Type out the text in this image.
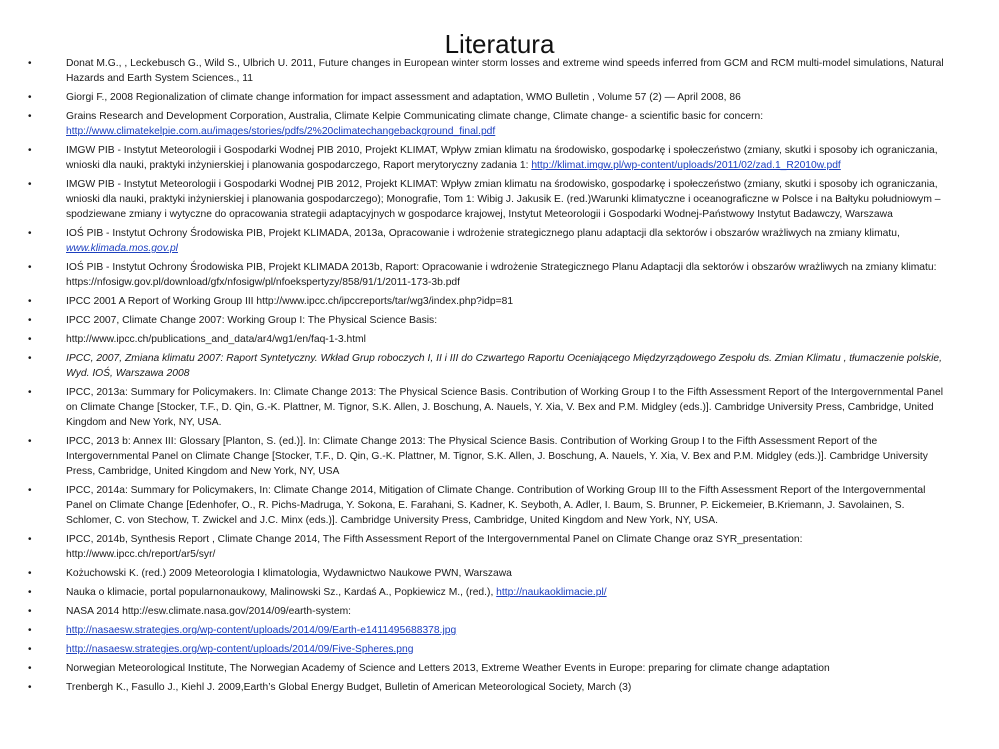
Literatura
•	Donat M.G., , Leckebusch G., Wild S., Ulbrich U. 2011, Future changes in European winter storm losses and extreme wind speeds inferred from GCM and RCM multi-model simulations, Natural Hazards and Earth System Sciences., 11
•	Giorgi F., 2008 Regionalization of climate change information for impact assessment and adaptation, WMO Bulletin , Volume 57 (2) — April 2008, 86
•	Grains Research and Development Corporation, Australia, Climate Kelpie Communicating climate change, Climate change- a scientific basic for concern: http://www.climatekelpie.com.au/images/stories/pdfs/2%20climatechangebackground_final.pdf
•	IMGW PIB - Instytut Meteorologii i Gospodarki Wodnej PIB 2010, Projekt KLIMAT, Wpływ zmian klimatu na środowisko, gospodarkę i społeczeństwo (zmiany, skutki i sposoby ich ograniczania, wnioski dla nauki, praktyki inżynierskiej i planowania gospodarczego, Raport merytoryczny zadania 1: http://klimat.imgw.pl/wp-content/uploads/2011/02/zad.1_R2010w.pdf
•	IMGW PIB - Instytut Meteorologii i Gospodarki Wodnej PIB 2012, Projekt KLIMAT: Wpływ zmian klimatu na środowisko, gospodarkę i społeczeństwo (zmiany, skutki i sposoby ich ograniczania, wnioski dla nauki, praktyki inżynierskiej i planowania gospodarczego); Monografie, Tom 1: Wibig J. Jakusik E. (red.)Warunki klimatyczne i oceanograficzne w Polsce i na Bałtyku południowym – spodziewane zmiany i wytyczne do opracowania strategii adaptacyjnych w gospodarce krajowej, Instytut Meteorologii i Gospodarki Wodnej-Państwowy Instytut Badawczy, Warszawa
•	IOŚ PIB - Instytut Ochrony Środowiska PIB, Projekt KLIMADA, 2013a, Opracowanie i wdrożenie strategicznego planu adaptacji dla sektorów i obszarów wrażliwych na zmiany klimatu, www.klimada.mos.gov.pl
•	IOŚ PIB - Instytut Ochrony Środowiska PIB, Projekt KLIMADA 2013b, Raport: Opracowanie i wdrożenie Strategicznego Planu Adaptacji dla sektorów i obszarów wrażliwych na zmiany klimatu: https://nfosigw.gov.pl/download/gfx/nfosigw/pl/nfoekspertyzy/858/91/1/2011-173-3b.pdf
•	IPCC 2001 A Report of Working Group III http://www.ipcc.ch/ipccreports/tar/wg3/index.php?idp=81
•	IPCC 2007, Climate Change 2007: Working Group I: The Physical Science Basis:
•	http://www.ipcc.ch/publications_and_data/ar4/wg1/en/faq-1-3.html
•	IPCC, 2007, Zmiana klimatu 2007: Raport Syntetyczny. Wkład Grup roboczych I, II i III do Czwartego Raportu Oceniającego Międzyrządowego Zespołu ds. Zmian Klimatu , tłumaczenie polskie, Wyd. IOŚ, Warszawa 2008
•	IPCC, 2013a: Summary for Policymakers. In: Climate Change 2013: The Physical Science Basis. Contribution of Working Group I to the Fifth Assessment Report of the Intergovernmental Panel on Climate Change [Stocker, T.F., D. Qin, G.-K. Plattner, M. Tignor, S.K. Allen, J. Boschung, A. Nauels, Y. Xia, V. Bex and P.M. Midgley (eds.)]. Cambridge University Press, Cambridge, United Kingdom and New York, NY, USA.
•	IPCC, 2013 b: Annex III: Glossary [Planton, S. (ed.)]. In: Climate Change 2013: The Physical Science Basis. Contribution of Working Group I to the Fifth Assessment Report of the Intergovernmental Panel on Climate Change [Stocker, T.F., D. Qin, G.-K. Plattner, M. Tignor, S.K. Allen, J. Boschung, A. Nauels, Y. Xia, V. Bex and P.M. Midgley (eds.)]. Cambridge University Press, Cambridge, United Kingdom and New York, NY, USA
•	IPCC, 2014a: Summary for Policymakers, In: Climate Change 2014, Mitigation of Climate Change. Contribution of Working Group III to the Fifth Assessment Report of the Intergovernmental Panel on Climate Change [Edenhofer, O., R. Pichs-Madruga, Y. Sokona, E. Farahani, S. Kadner, K. Seyboth, A. Adler, I. Baum, S. Brunner, P. Eickemeier, B.Kriemann, J. Savolainen, S. Schlomer, C. von Stechow, T. Zwickel and J.C. Minx (eds.)]. Cambridge University Press, Cambridge, United Kingdom and New York, NY, USA.
•	IPCC, 2014b, Synthesis Report , Climate Change 2014, The Fifth Assessment Report of the Intergovernmental Panel on Climate Change oraz SYR_presentation: http://www.ipcc.ch/report/ar5/syr/
•	Kożuchowski K. (red.) 2009 Meteorologia I klimatologia, Wydawnictwo Naukowe PWN, Warszawa
•	Nauka o klimacie, portal popularnonaukowy, Malinowski Sz., Kardaś A., Popkiewicz M., (red.), http://naukaoklimacie.pl/
•	NASA 2014 http://esw.climate.nasa.gov/2014/09/earth-system:
•	http://nasaesw.strategies.org/wp-content/uploads/2014/09/Earth-e1411495688378.jpg
•	http://nasaesw.strategies.org/wp-content/uploads/2014/09/Five-Spheres.png
•	Norwegian Meteorological Institute, The Norwegian Academy of Science and Letters 2013, Extreme Weather Events in Europe: preparing for climate change adaptation
•	Trenbergh K., Fasullo J., Kiehl J. 2009,Earth’s Global Energy Budget, Bulletin of American Meteorological Society, March (3)
